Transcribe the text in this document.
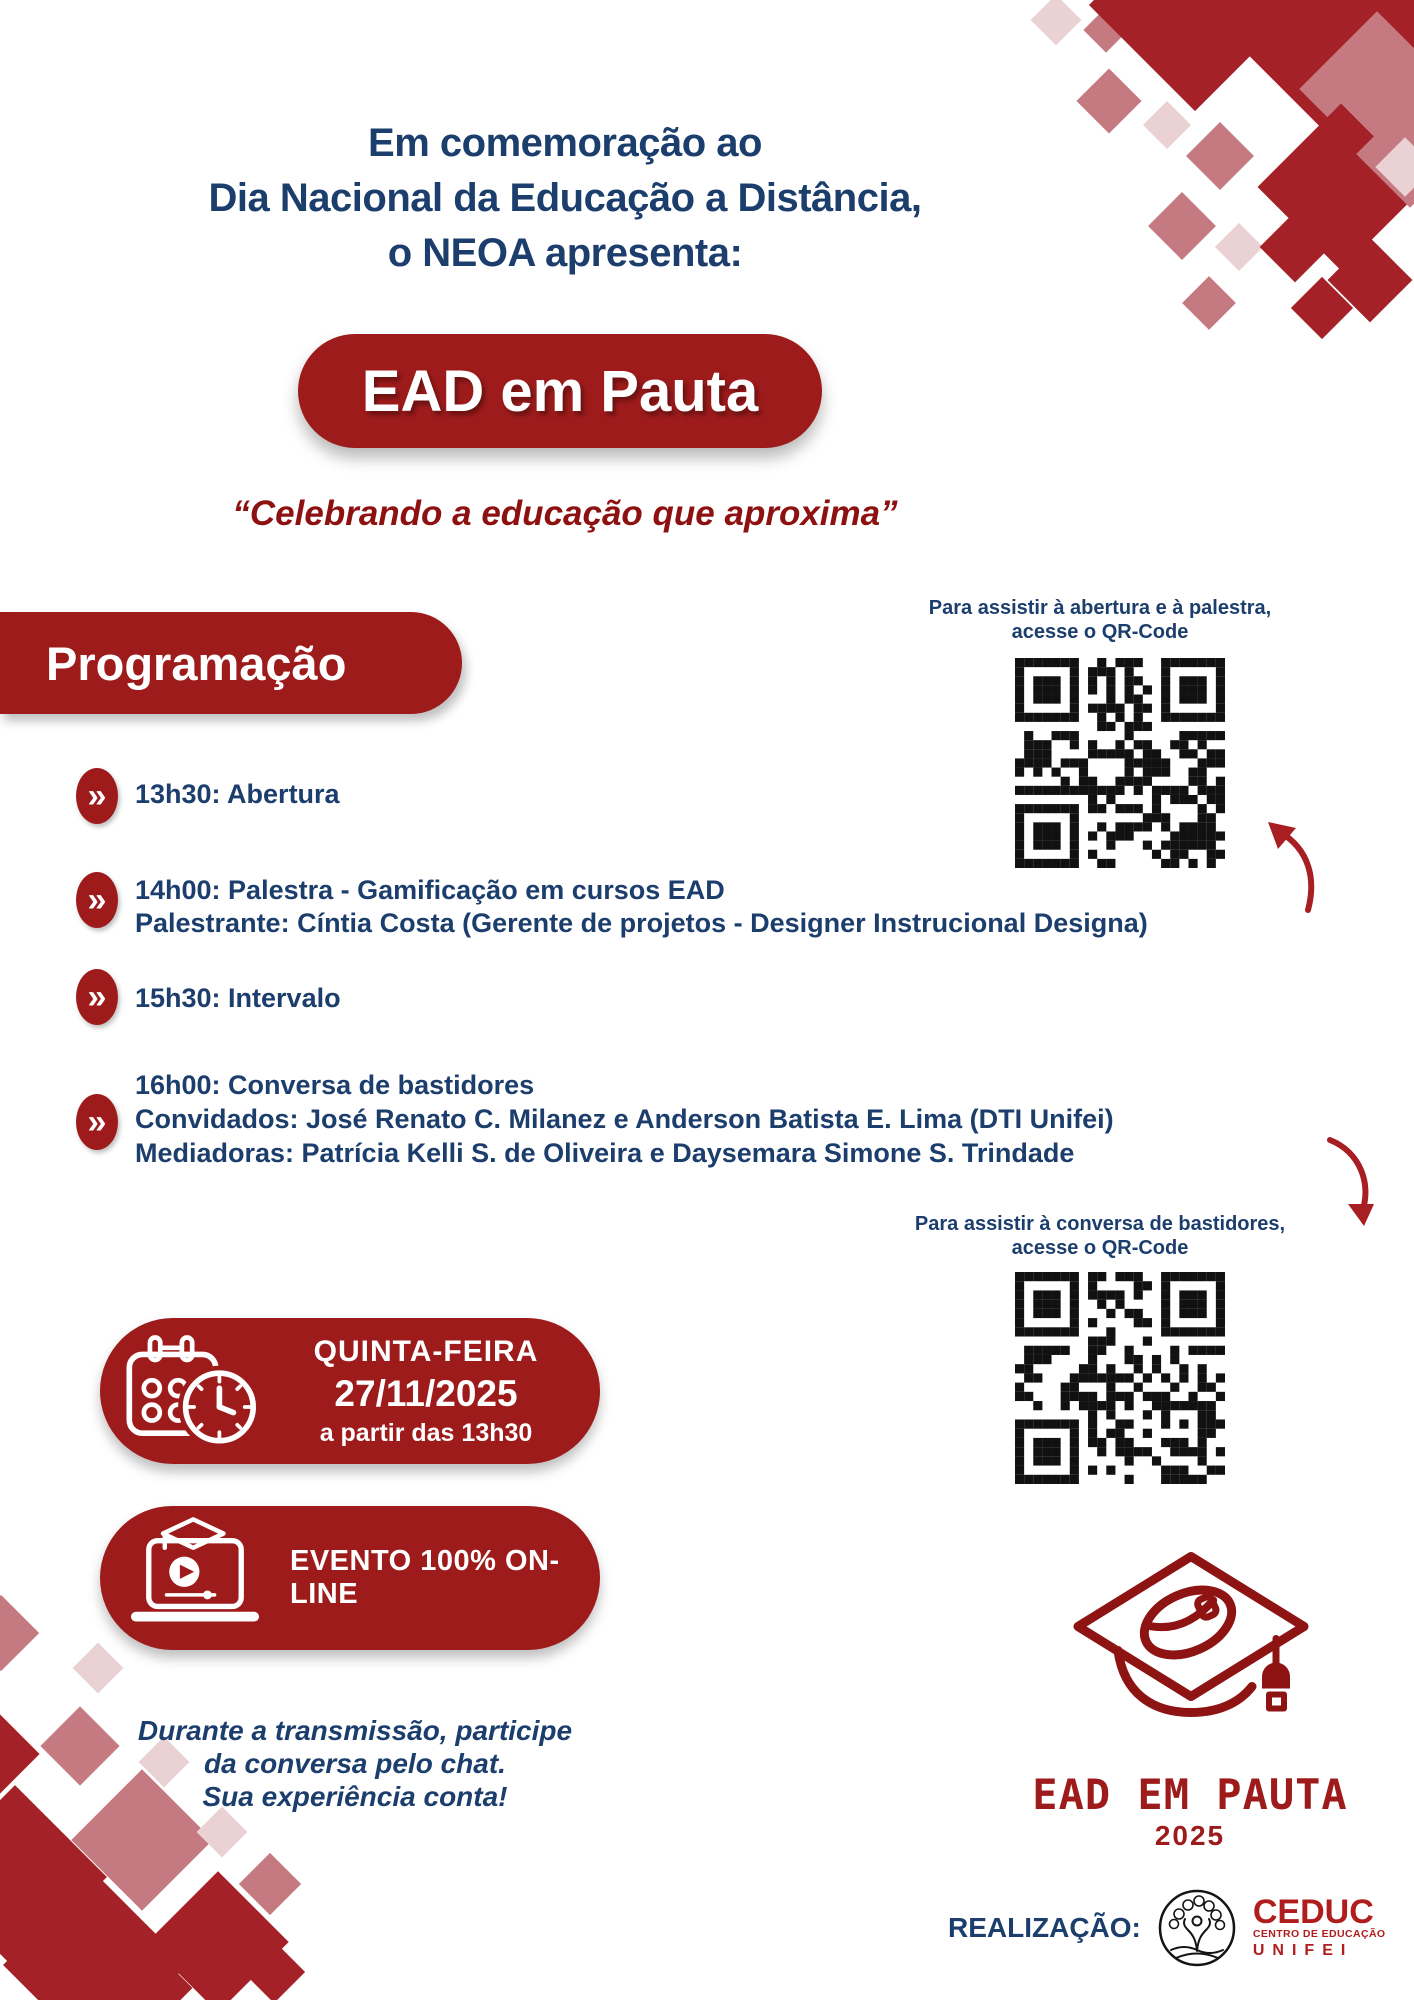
Em comemoração ao
Dia Nacional da Educação a Distância,
o NEOA apresenta:
EAD em Pauta
“Celebrando a educação que aproxima”
Programação
»	13h30: Abertura
»	14h00: Palestra - Gamificação em cursos EAD
Palestrante: Cíntia Costa (Gerente de projetos - Designer Instrucional Designa)
»	15h30: Intervalo
»
16h00: Conversa de bastidores
Convidados: José Renato C. Milanez e Anderson Batista E. Lima (DTI Unifei)
Mediadoras: Patrícia Kelli S. de Oliveira e Daysemara Simone S. Trindade
Para assistir à abertura e à palestra,
acesse o QR-Code
Para assistir à conversa de bastidores,
acesse o QR-Code
QUINTA-FEIRA
27/11/2025
a partir das 13h30
EVENTO 100% ON-LINE
Durante a transmissão, participe
da conversa pelo chat.
Sua experiência conta!	EAD EM PAUTA
2025
REALIZAÇÃO:	CEDUC
CENTRO DE EDUCAÇÃO
UNIFEI
